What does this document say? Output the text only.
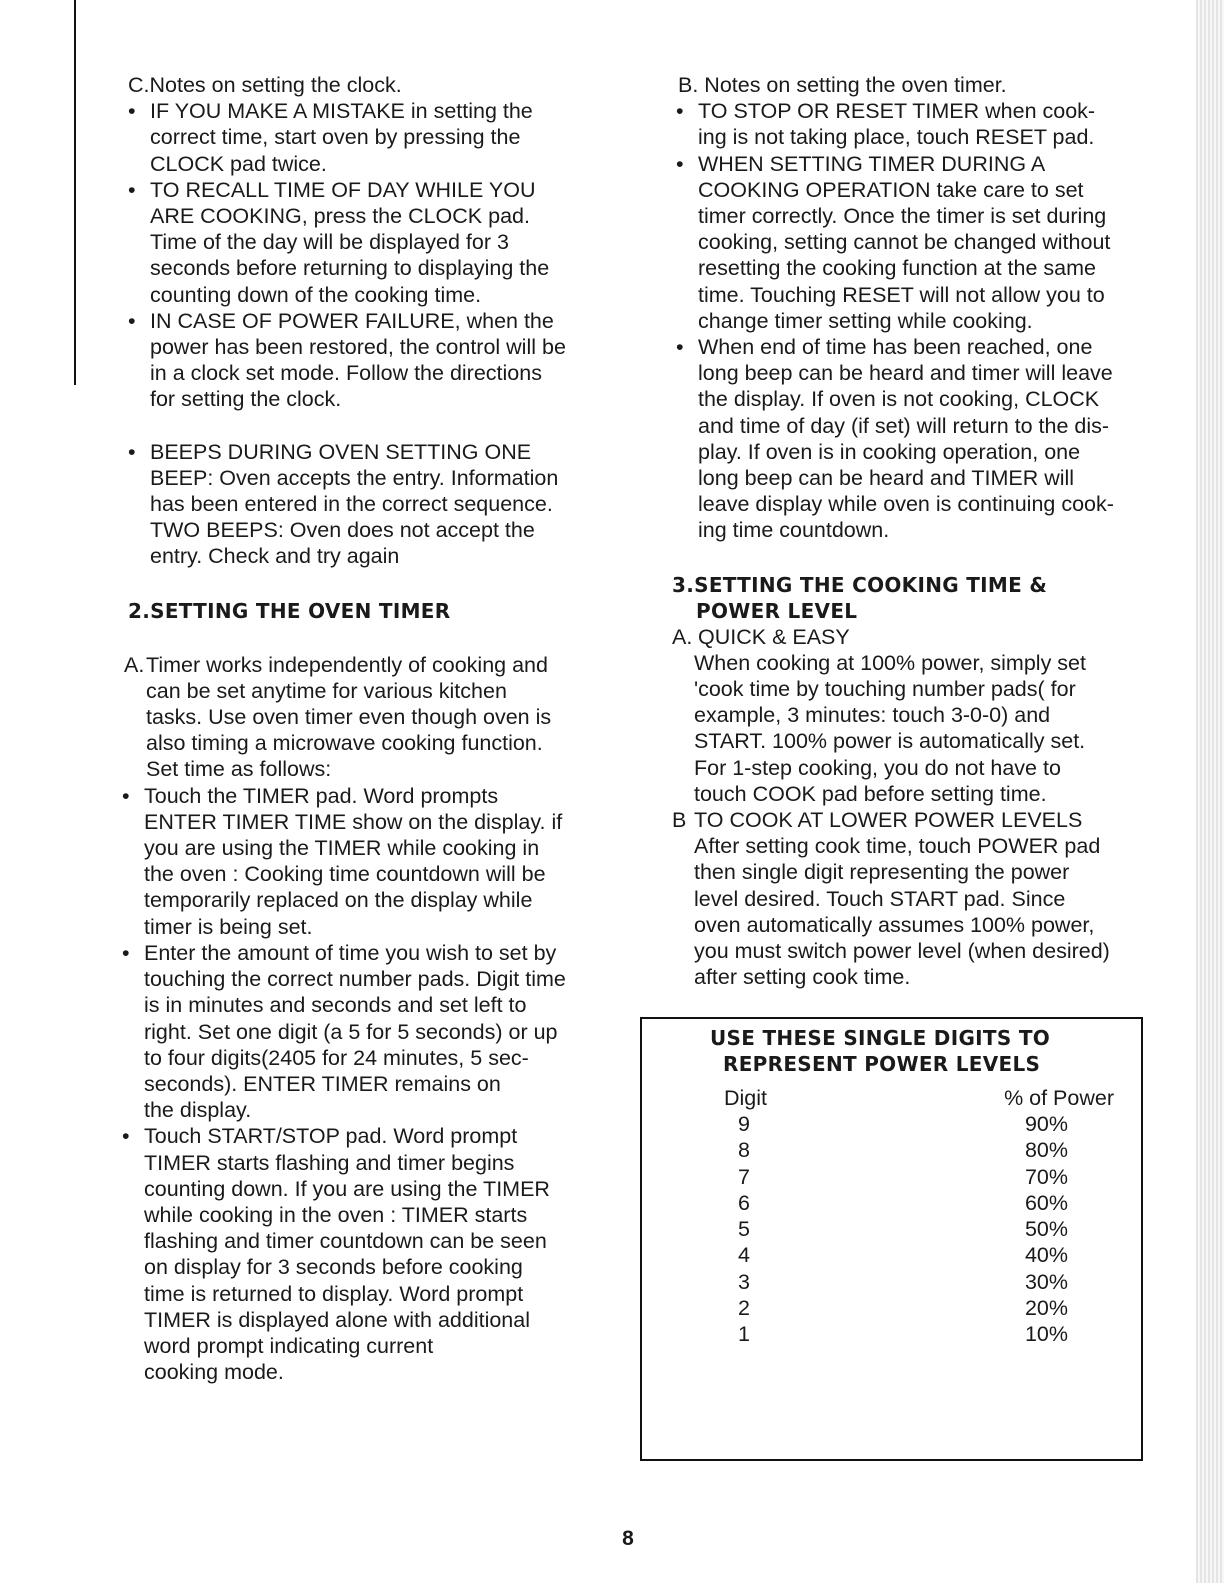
C.Notes on setting the clock.

• IF YOU MAKE A MISTAKE in setting the
correct time, start oven by pressing the
CLOCK pad twice.
• TO RECALL TIME OF DAY WHILE YOU
ARE COOKING, press the CLOCK pad.
Time of the day will be displayed for 3
seconds before returning to displaying the
counting down of the cooking time.
• IN CASE OF POWER FAILURE, when the
power has been restored, the control will be
in a clock set mode. Follow the directions
for setting the clock.
• BEEPS DURING OVEN SETTING ONE
BEEP: Oven accepts the entry. Information
has been entered in the correct sequence.
TWO BEEPS: Oven does not accept the
entry. Check and try again

2.SETTING THE OVEN TIMER

A. Timer works independently of cooking and
can be set anytime for various kitchen
tasks. Use oven timer even though oven is
also timing a microwave cooking function.
Set time as follows:
• Touch the TIMER pad. Word prompts
ENTER TIMER TIME show on the display. if
you are using the TIMER while cooking in
the oven : Cooking time countdown will be
temporarily replaced on the display while
timer is being set.
• Enter the amount of time you wish to set by
touching the correct number pads. Digit time
is in minutes and seconds and set left to
right. Set one digit (a 5 for 5 seconds) or up
to four digits(2405 for 24 minutes, 5 sec-
seconds). ENTER TIMER remains on
the display.
• Touch START/STOP pad. Word prompt
TIMER starts flashing and timer begins
counting down. If you are using the TIMER
while cooking in the oven : TIMER starts
flashing and timer countdown can be seen
on display for 3 seconds before cooking
time is returned to display. Word prompt
TIMER is displayed alone with additional
word prompt indicating current
cooking mode.

B. Notes on setting the oven timer.

• TO STOP OR RESET TIMER when cook-
ing is not taking place, touch RESET pad.
• WHEN SETTING TIMER DURING A
COOKING OPERATION take care to set
timer correctly. Once the timer is set during
cooking, setting cannot be changed without
resetting the cooking function at the same
time. Touching RESET will not allow you to
change timer setting while cooking.
• When end of time has been reached, one
long beep can be heard and timer will leave
the display. If oven is not cooking, CLOCK
and time of day (if set) will return to the dis-
play. If oven is in cooking operation, one
long beep can be heard and TIMER will
leave display while oven is continuing cook-
ing time countdown.

3.SETTING THE COOKING TIME &

POWER LEVEL

A. QUICK & EASY

When cooking at 100% power, simply set
'cook time by touching number pads( for
example, 3 minutes: touch 3-0-0) and
START. 100% power is automatically set.
For 1-step cooking, you do not have to
touch COOK pad before setting time.
B TO COOK AT LOWER POWER LEVELS

After setting cook time, touch POWER pad
then single digit representing the power
level desired. Touch START pad. Since
oven automatically assumes 100% power,
you must switch power level (when desired)
after setting cook time.
USE THESE SINGLE DIGITS TO
REPRESENT POWER LEVELS
Digit	% of Power
9	90%
8	80%
7	70%
6	60%
5	50%
4	40%
3	30%
2	20%
1	10%
8
